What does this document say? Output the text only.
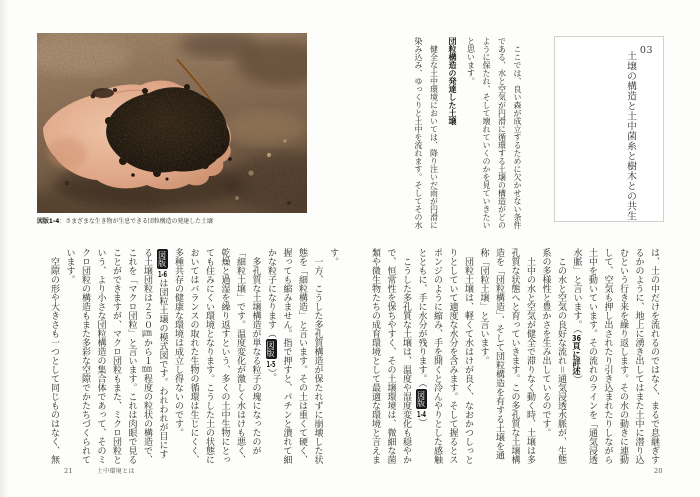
図版1-4：さまざまな生き物が生息できる団粒構造の発達した土壌

す。

一方、こうした多孔質構造が保たれずに崩壊した状態を「細粒構造」と言います。その土は重くて硬く、握っても縮みません。指で押すと、パチンと潰れて細かな粒子になります（図版1-5）。

多孔質な土壌構造が単なる粒子の塊になったのが「細粒土壌」です。温度変化が激しく水はけも悪く、乾燥と過湿を繰り返すという、多くの土中生物にとっても住みにくい環境となります。こうした土の状態においてはバランスの取れた生物の循環は生じにくく、多種共存の健康な環境は成立し得ないのです。

図版1-6は団粒土壌の模式図です。われわれが目にする土壌団粒は２５０μmから１mm程度の粒状の構造で、これを「マクロ団粒」と言います。これは肉眼で見ることができますが、マクロ団粒もまた、ミクロ団粒という、より小さな団粒構造の集合体であって、そのミクロ団粒の構造もまた多彩な空隙でかたちづくられています。

空隙の形や大きさも一つとして同じものはなく、無

21	土中環境とは
03
土壌の構造と土中菌糸と樹木との共生

ここでは、良い森が成立するために欠かせない条件である、水と空気が円滑に循環する土壌の構造がどのように保たれ、そして壊れていくのかを見ていきたいと思います。

団粒構造の発達した土壌

健全な土中環境においては、降り注いだ雨が円滑に染み込み、ゆっくりと土中を流れます。そしてその水

は、土の中だけを流れるのではなく、まるで息継ぎするかのように、地上に湧き出してはまた土中に潜り込むという行き来を繰り返します。その水の動きに連動して、空気も押し出されたり引き込まれたりしながら土中を動いています。その流れのラインを「通気浸透水脈」と言います。（36頁に詳述）

この水と空気の良好な流れ＝通気浸透水脈が、生態系の多様性と豊かさを生み出しているのです。

土中の水と空気が健全で滞りなく動く時、土壌は多孔質な状態へと育っていきます。この多孔質な土壌構造を「団粒構造」、そして団粒構造を有する土壌を通称「団粒土壌」と言います。

団粒土壌は、軽くて水はけが良く、なおかつしっとりとしていて適度な水分を含みます。そして握るとスポンジのように縮み、手を開くと冷んやりとした感触とともに、手に水分が残ります。（図版1-4）

こうした多孔質な土壌は、温度や湿度変化も穏やかで、恒常性を保ちやすく、その土壌環境は、微細な菌類や微生物たちの成育環境として最適な環境と言えま

20
